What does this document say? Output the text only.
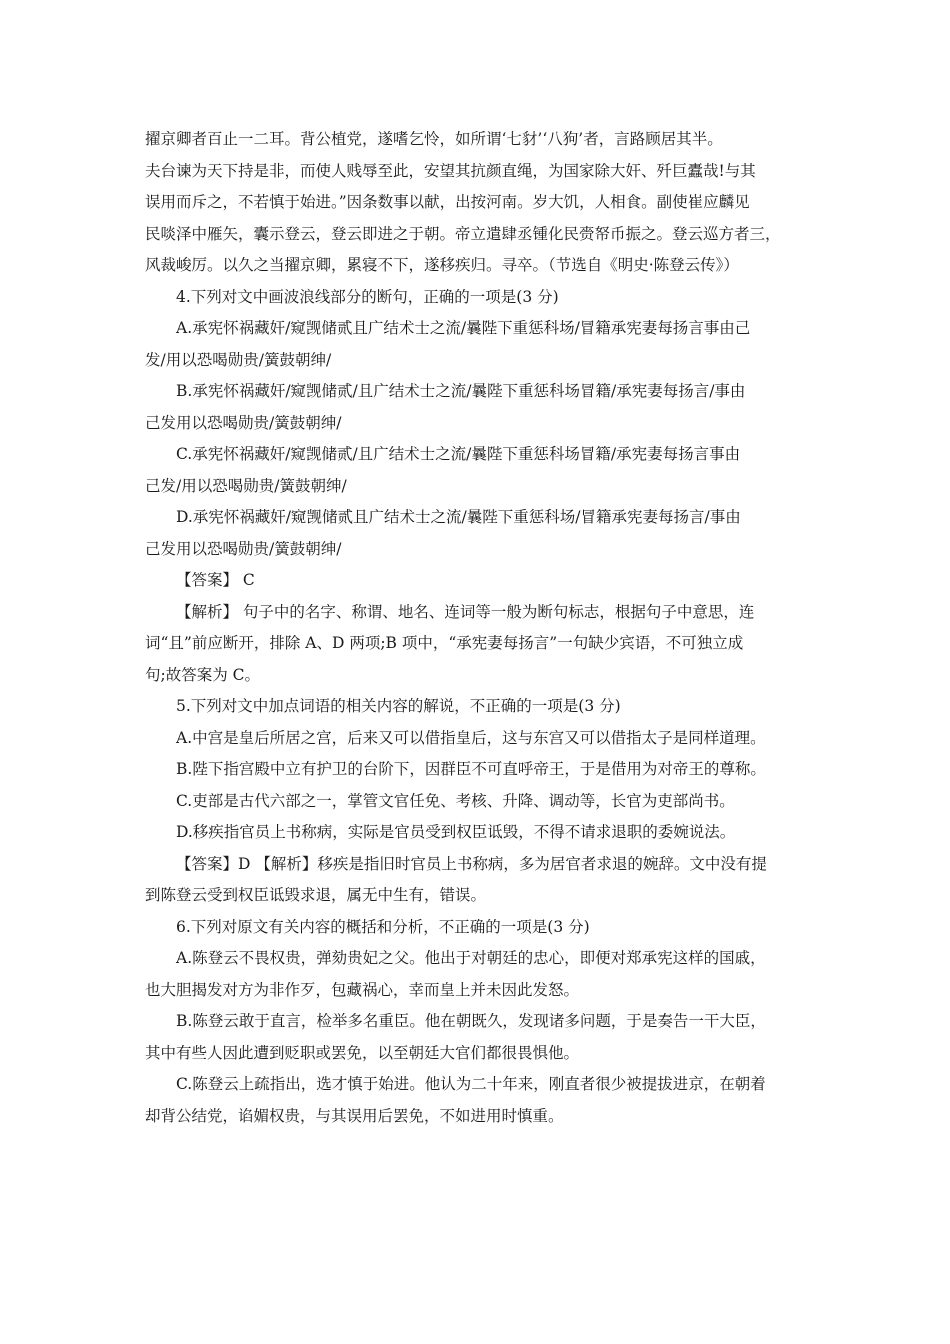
擢京卿者百止一二耳。背公植党，遂嗜乞怜，如所谓‘七豺’‘八狗’者，言路顾居其半。
夫台谏为天下持是非，而使人贱辱至此，安望其抗颜直绳，为国家除大奸、歼巨蠹哉!与其
误用而斥之，不若慎于始进。”因条数事以献，出按河南。岁大饥，人相食。副使崔应麟见
民啖泽中雁矢，囊示登云，登云即进之于朝。帝立遣肆丞锺化民赍帑币振之。登云巡方者三，
风裁峻厉。以久之当擢京卿，累寝不下，遂移疾归。寻卒。（节选自《明史·陈登云传》）
4.下列对文中画波浪线部分的断句，正确的一项是(3 分)
A.承宪怀祸藏奸/窥觊储贰且广结术士之流/曩陛下重惩科场/冒籍承宪妻每扬言事由己
发/用以恐喝勋贵/簧鼓朝绅/
B.承宪怀祸藏奸/窥觊储贰/且广结术士之流/曩陛下重惩科场冒籍/承宪妻每扬言/事由
己发用以恐喝勋贵/簧鼓朝绅/
C.承宪怀祸藏奸/窥觊储贰/且广结术士之流/曩陛下重惩科场冒籍/承宪妻每扬言事由
己发/用以恐喝勋贵/簧鼓朝绅/
D.承宪怀祸藏奸/窥觊储贰且广结术士之流/曩陛下重惩科场/冒籍承宪妻每扬言/事由
己发用以恐喝勋贵/簧鼓朝绅/
【答案】 C
【解析】 句子中的名字、称谓、地名、连词等一般为断句标志，根据句子中意思，连
词“且”前应断开，排除 A、D 两项;B 项中，“承宪妻每扬言”一句缺少宾语，不可独立成
句;故答案为 C。
5.下列对文中加点词语的相关内容的解说，不正确的一项是(3 分)
A.中宫是皇后所居之宫，后来又可以借指皇后，这与东宫又可以借指太子是同样道理。
B.陛下指宫殿中立有护卫的台阶下，因群臣不可直呼帝王，于是借用为对帝王的尊称。
C.吏部是古代六部之一，掌管文官任免、考核、升降、调动等，长官为吏部尚书。
D.移疾指官员上书称病，实际是官员受到权臣诋毁，不得不请求退职的委婉说法。
【答案】D 【解析】移疾是指旧时官员上书称病，多为居官者求退的婉辞。文中没有提
到陈登云受到权臣诋毁求退，属无中生有，错误。
6.下列对原文有关内容的概括和分析，不正确的一项是(3 分)
A.陈登云不畏权贵，弹劾贵妃之父。他出于对朝廷的忠心，即便对郑承宪这样的国戚，
也大胆揭发对方为非作歹，包藏祸心，幸而皇上并未因此发怒。
B.陈登云敢于直言，检举多名重臣。他在朝既久，发现诸多问题，于是奏告一干大臣，
其中有些人因此遭到贬职或罢免，以至朝廷大官们都很畏惧他。
C.陈登云上疏指出，选才慎于始进。他认为二十年来，刚直者很少被提拔进京，在朝着
却背公结党，谄媚权贵，与其误用后罢免，不如进用时慎重。
